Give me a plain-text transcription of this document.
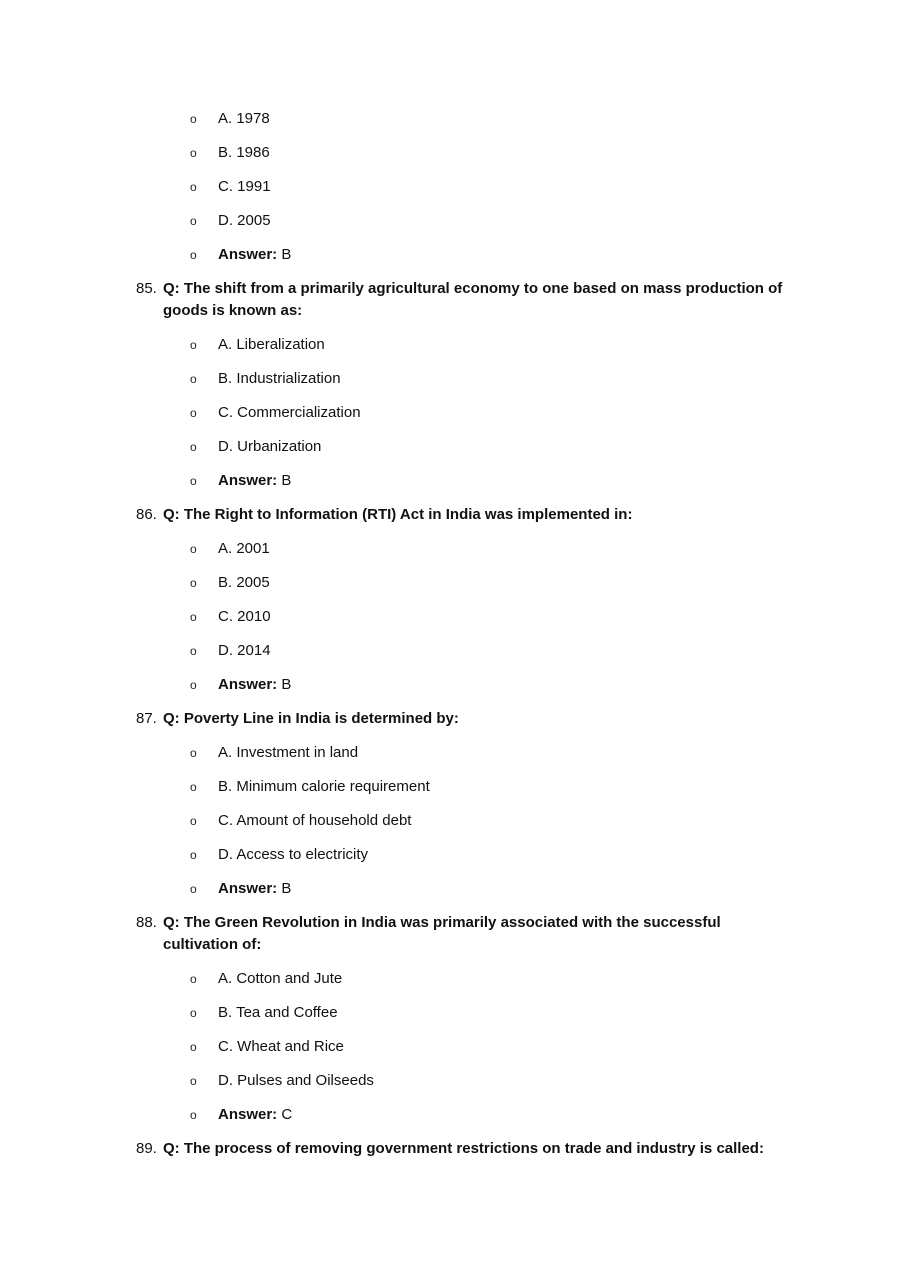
o A. 1978
o B. 1986
o C. 1991
o D. 2005
o Answer: B
85. Q: The shift from a primarily agricultural economy to one based on mass production of goods is known as:
o A. Liberalization
o B. Industrialization
o C. Commercialization
o D. Urbanization
o Answer: B
86. Q: The Right to Information (RTI) Act in India was implemented in:
o A. 2001
o B. 2005
o C. 2010
o D. 2014
o Answer: B
87. Q: Poverty Line in India is determined by:
o A. Investment in land
o B. Minimum calorie requirement
o C. Amount of household debt
o D. Access to electricity
o Answer: B
88. Q: The Green Revolution in India was primarily associated with the successful cultivation of:
o A. Cotton and Jute
o B. Tea and Coffee
o C. Wheat and Rice
o D. Pulses and Oilseeds
o Answer: C
89. Q: The process of removing government restrictions on trade and industry is called:
